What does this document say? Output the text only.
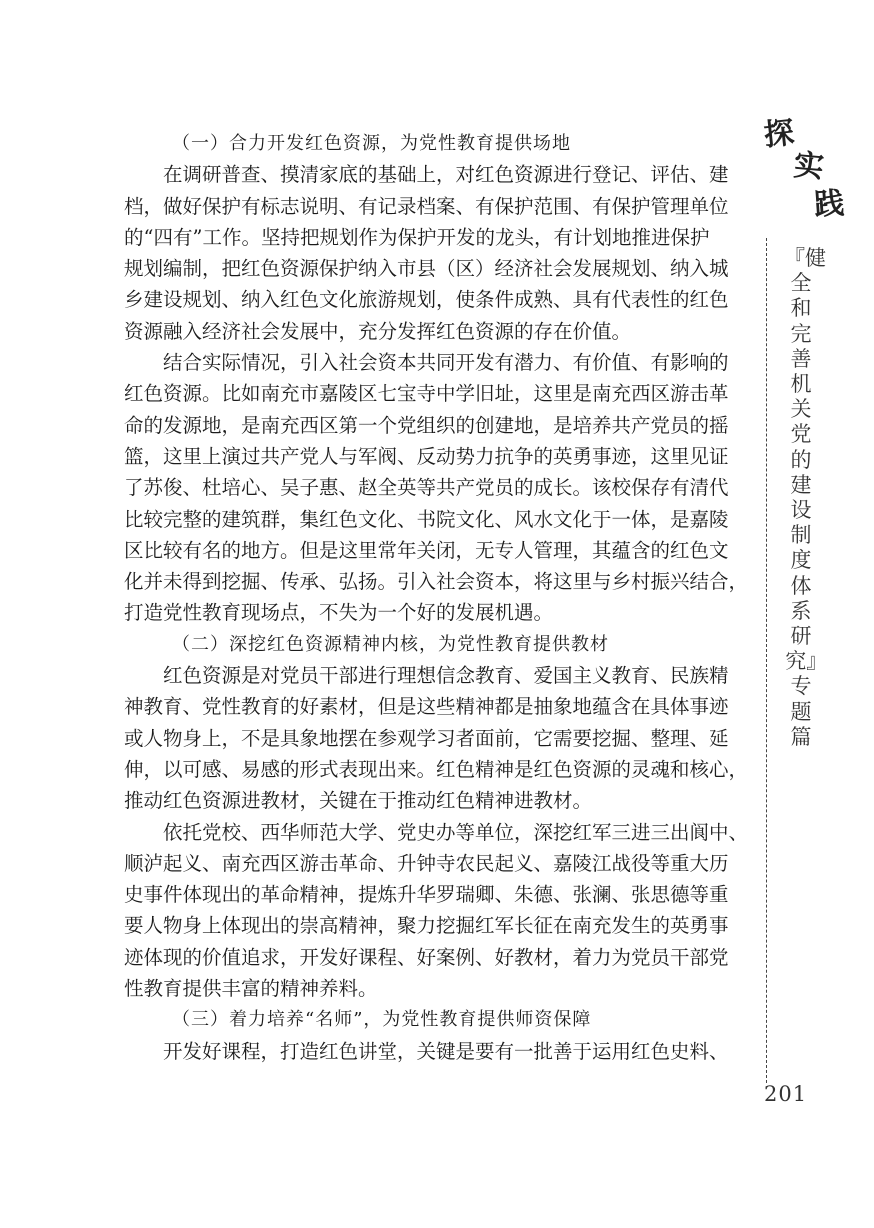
（一）合力开发红色资源，为党性教育提供场地
在调研普查、摸清家底的基础上，对红色资源进行登记、评估、建
档，做好保护有标志说明、有记录档案、有保护范围、有保护管理单位
的“四有”工作。坚持把规划作为保护开发的龙头，有计划地推进保护
规划编制，把红色资源保护纳入市县（区）经济社会发展规划、纳入城
乡建设规划、纳入红色文化旅游规划，使条件成熟、具有代表性的红色
资源融入经济社会发展中，充分发挥红色资源的存在价值。
结合实际情况，引入社会资本共同开发有潜力、有价值、有影响的
红色资源。比如南充市嘉陵区七宝寺中学旧址，这里是南充西区游击革
命的发源地，是南充西区第一个党组织的创建地，是培养共产党员的摇
篮，这里上演过共产党人与军阀、反动势力抗争的英勇事迹，这里见证
了苏俊、杜培心、吴子惠、赵全英等共产党员的成长。该校保存有清代
比较完整的建筑群，集红色文化、书院文化、风水文化于一体，是嘉陵
区比较有名的地方。但是这里常年关闭，无专人管理，其蕴含的红色文
化并未得到挖掘、传承、弘扬。引入社会资本，将这里与乡村振兴结合，
打造党性教育现场点，不失为一个好的发展机遇。
（二）深挖红色资源精神内核，为党性教育提供教材
红色资源是对党员干部进行理想信念教育、爱国主义教育、民族精
神教育、党性教育的好素材，但是这些精神都是抽象地蕴含在具体事迹
或人物身上，不是具象地摆在参观学习者面前，它需要挖掘、整理、延
伸，以可感、易感的形式表现出来。红色精神是红色资源的灵魂和核心，
推动红色资源进教材，关键在于推动红色精神进教材。
依托党校、西华师范大学、党史办等单位，深挖红军三进三出阆中、
顺泸起义、南充西区游击革命、升钟寺农民起义、嘉陵江战役等重大历
史事件体现出的革命精神，提炼升华罗瑞卿、朱德、张澜、张思德等重
要人物身上体现出的崇高精神，聚力挖掘红军长征在南充发生的英勇事
迹体现的价值追求，开发好课程、好案例、好教材，着力为党员干部党
性教育提供丰富的精神养料。
（三）着力培养“名师”，为党性教育提供师资保障
开发好课程，打造红色讲堂，关键是要有一批善于运用红色史料、
探
实
践
『健全和完善机关党的建设制度体系研究』专题篇
201
